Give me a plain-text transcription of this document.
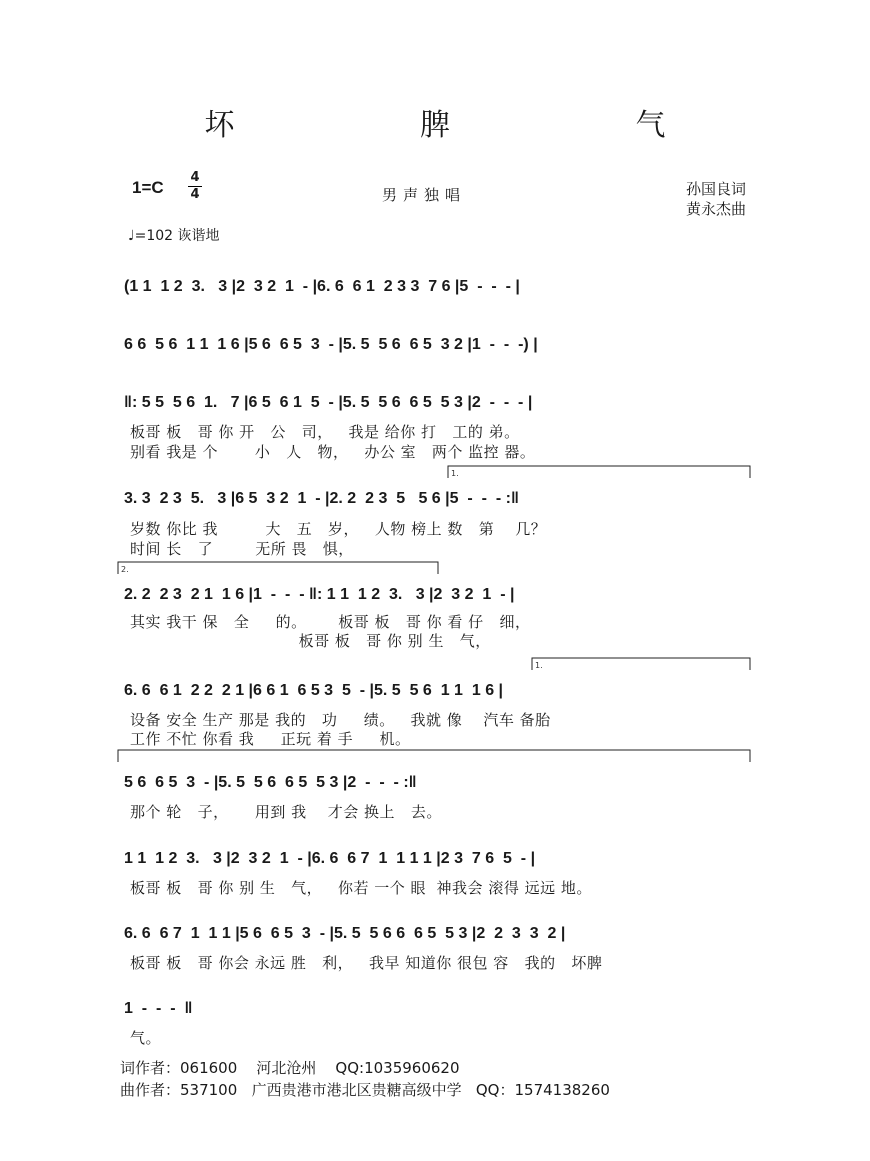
坏 脾 气
1=C
4
4	男声独唱	孙国良词
黄永杰曲
♩=102 诙谐地
(1 1  1 2  3.   3 |2  3 2  1  - |6. 6  6 1  2 3 3  7 6 |5  -  -  - |
6 6  5 6  1 1  1 6 |5 6  6 5  3  - |5. 5  5 6  6 5  3 2 |1  -  -  -) |
‖: 5 5  5 6  1.   7 |6 5  6 1  5  - |5. 5  5 6  6 5  5 3 |2  -  -  - |
板哥 板   哥 你 开   公   司，   我是 给你 打   工的 弟。
别看 我是 个       小   人   物，   办公 室   两个 监控 器。
3. 3  2 3  5.   3 |6 5  3 2  1  - |2. 2  2 3  5   5 6 |5  -  -  - :‖
岁数 你比 我         大   五   岁，   人物 榜上 数   第    几？
时间 长   了        无所 畏   惧，
2. 2  2 3  2 1  1 6 |1  -  -  - ‖: 1 1  1 2  3.   3 |2  3 2  1  - |
其实 我干 保   全     的。      板哥 板   哥 你 看 仔   细，
板哥 板   哥 你 别 生   气，
6. 6  6 1  2 2  2 1 |6 6 1  6 5 3  5  - |5. 5  5 6  1 1  1 6 |
设备 安全 生产 那是 我的   功     绩。   我就 像    汽车 备胎
工作 不忙 你看 我     正玩 着 手     机。
5 6  6 5  3  - |5. 5  5 6  6 5  5 3 |2  -  -  - :‖
那个 轮   子，     用到 我    才会 换上   去。
1 1  1 2  3.   3 |2  3 2  1  - |6. 6  6 7  1  1 1 1 |2 3  7 6  5  - |
板哥 板   哥 你 别 生   气，   你若 一个 眼  神我会 滚得 远远 地。
6. 6  6 7  1  1 1 |5 6  6 5  3  - |5. 5  5 6 6  6 5  5 3 |2  2  3  3  2 |
板哥 板   哥 你会 永远 胜   利，   我早 知道你 很包 容   我的   坏脾
1  -  -  -  ‖
气。
1.
2.
1.
词作者：061600    河北沧州    QQ:1035960620
曲作者：537100   广西贵港市港北区贵糖高级中学   QQ：1574138260
